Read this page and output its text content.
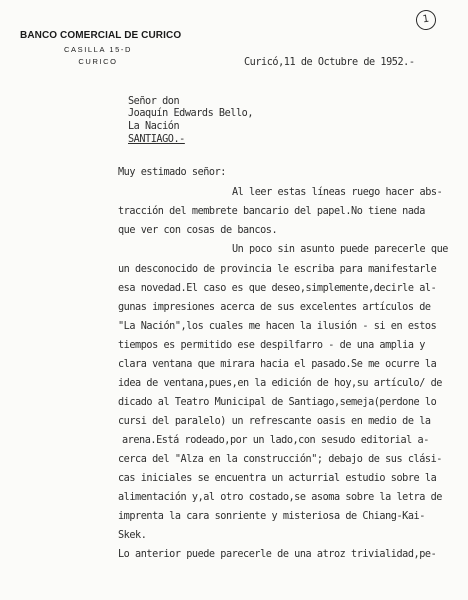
BANCO COMERCIAL DE CURICO
CASILLA 15-D
CURICO
1
Curicó,11 de Octubre de 1952.-
Señor don
Joaquín Edwards Bello,
La Nación
SANTIAGO.-
Muy estimado señor:
Al leer estas líneas ruego hacer abs-
tracción del membrete bancario del papel.No tiene nada
que ver con cosas de bancos.
Un poco sin asunto puede parecerle que
un desconocido de provincia le escriba para manifestarle
esa novedad.El caso es que deseo,simplemente,decirle al-
gunas impresiones acerca de sus excelentes artículos de
"La Nación",los cuales me hacen la ilusión - si en estos
tiempos es permitido ese despilfarro - de una amplia y
clara ventana que mirara hacia el pasado.Se me ocurre la
idea de ventana,pues,en la edición de hoy,su artículo/ de
dicado al Teatro Municipal de Santiago,semeja(perdone lo
cursi del paralelo) un refrescante oasis en medio de la
arena.Está rodeado,por un lado,con sesudo editorial a-
cerca del "Alza en la construcción"; debajo de sus clási-
cas iniciales se encuentra un acturrial estudio sobre la
alimentación y,al otro costado,se asoma sobre la letra de
imprenta la cara sonriente y misteriosa de Chiang-Kai-
Skek.
Lo anterior puede parecerle de una atroz trivialidad,pe-
